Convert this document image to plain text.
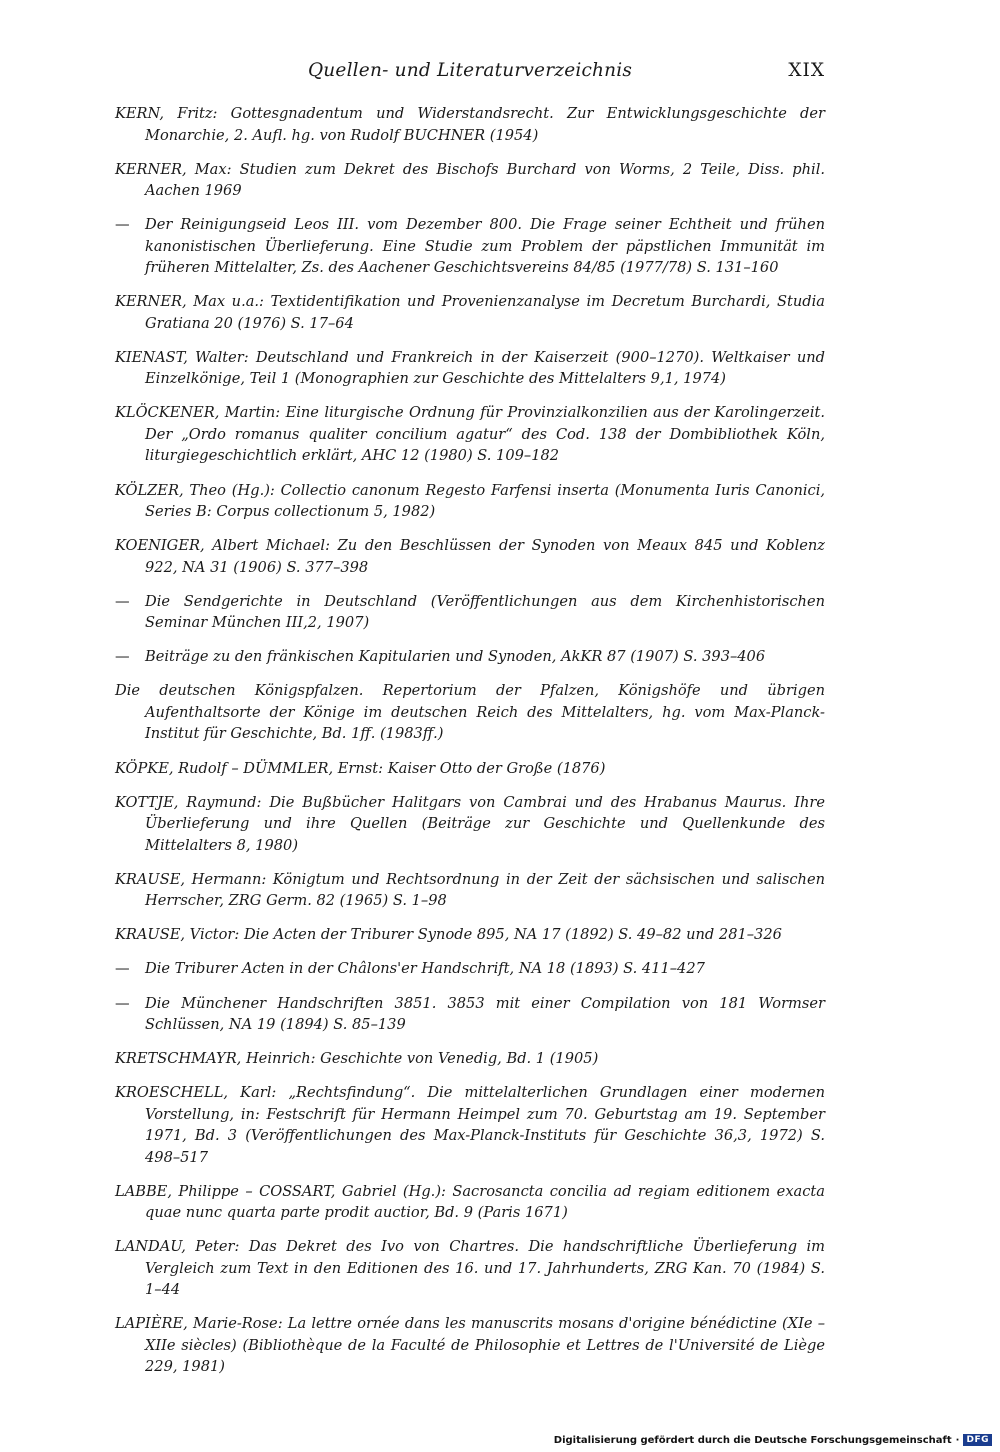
Quellen- und Literaturverzeichnis	XIX

KERN, Fritz: Gottesgnadentum und Widerstandsrecht. Zur Entwicklungsgeschichte der Monarchie, 2. Aufl. hg. von Rudolf BUCHNER (1954)

KERNER, Max: Studien zum Dekret des Bischofs Burchard von Worms, 2 Teile, Diss. phil. Aachen 1969

—	Der Reinigungseid Leos III. vom Dezember 800. Die Frage seiner Echtheit und frühen kanonistischen Überlieferung. Eine Studie zum Problem der päpstlichen Immunität im früheren Mittelalter, Zs. des Aachener Geschichtsvereins 84/85 (1977/78) S. 131–160

KERNER, Max u.a.: Textidentifikation und Provenienzanalyse im Decretum Burchardi, Studia Gratiana 20 (1976) S. 17–64

KIENAST, Walter: Deutschland und Frankreich in der Kaiserzeit (900–1270). Weltkaiser und Einzelkönige, Teil 1 (Monographien zur Geschichte des Mittelalters 9,1, 1974)

KLÖCKENER, Martin: Eine liturgische Ordnung für Provinzialkonzilien aus der Karolingerzeit. Der „Ordo romanus qualiter concilium agatur“ des Cod. 138 der Dombibliothek Köln, liturgiegeschichtlich erklärt, AHC 12 (1980) S. 109–182

KÖLZER, Theo (Hg.): Collectio canonum Regesto Farfensi inserta (Monumenta Iuris Canonici, Series B: Corpus collectionum 5, 1982)

KOENIGER, Albert Michael: Zu den Beschlüssen der Synoden von Meaux 845 und Koblenz 922, NA 31 (1906) S. 377–398

—	Die Sendgerichte in Deutschland (Veröffentlichungen aus dem Kirchenhistorischen Seminar München III,2, 1907)

—	Beiträge zu den fränkischen Kapitularien und Synoden, AkKR 87 (1907) S. 393–406

Die deutschen Königspfalzen. Repertorium der Pfalzen, Königshöfe und übrigen Aufenthaltsorte der Könige im deutschen Reich des Mittelalters, hg. vom Max-Planck-Institut für Geschichte, Bd. 1ff. (1983ff.)

KÖPKE, Rudolf – DÜMMLER, Ernst: Kaiser Otto der Große (1876)

KOTTJE, Raymund: Die Bußbücher Halitgars von Cambrai und des Hrabanus Maurus. Ihre Überlieferung und ihre Quellen (Beiträge zur Geschichte und Quellenkunde des Mittelalters 8, 1980)

KRAUSE, Hermann: Königtum und Rechtsordnung in der Zeit der sächsischen und salischen Herrscher, ZRG Germ. 82 (1965) S. 1–98

KRAUSE, Victor: Die Acten der Triburer Synode 895, NA 17 (1892) S. 49–82 und 281–326

—	Die Triburer Acten in der Châlons'er Handschrift, NA 18 (1893) S. 411–427

—	Die Münchener Handschriften 3851. 3853 mit einer Compilation von 181 Wormser Schlüssen, NA 19 (1894) S. 85–139

KRETSCHMAYR, Heinrich: Geschichte von Venedig, Bd. 1 (1905)

KROESCHELL, Karl: „Rechtsfindung“. Die mittelalterlichen Grundlagen einer modernen Vorstellung, in: Festschrift für Hermann Heimpel zum 70. Geburtstag am 19. September 1971, Bd. 3 (Veröffentlichungen des Max-Planck-Instituts für Geschichte 36,3, 1972) S. 498–517

LABBE, Philippe – COSSART, Gabriel (Hg.): Sacrosancta concilia ad regiam editionem exacta quae nunc quarta parte prodit auctior, Bd. 9 (Paris 1671)

LANDAU, Peter: Das Dekret des Ivo von Chartres. Die handschriftliche Überlieferung im Vergleich zum Text in den Editionen des 16. und 17. Jahrhunderts, ZRG Kan. 70 (1984) S. 1–44

LAPIÈRE, Marie-Rose: La lettre ornée dans les manuscrits mosans d'origine bénédictine (XIe – XIIe siècles) (Bibliothèque de la Faculté de Philosophie et Lettres de l'Université de Liège 229, 1981)

Digitalisierung gefördert durch die Deutsche Forschungsgemeinschaft · DFG
